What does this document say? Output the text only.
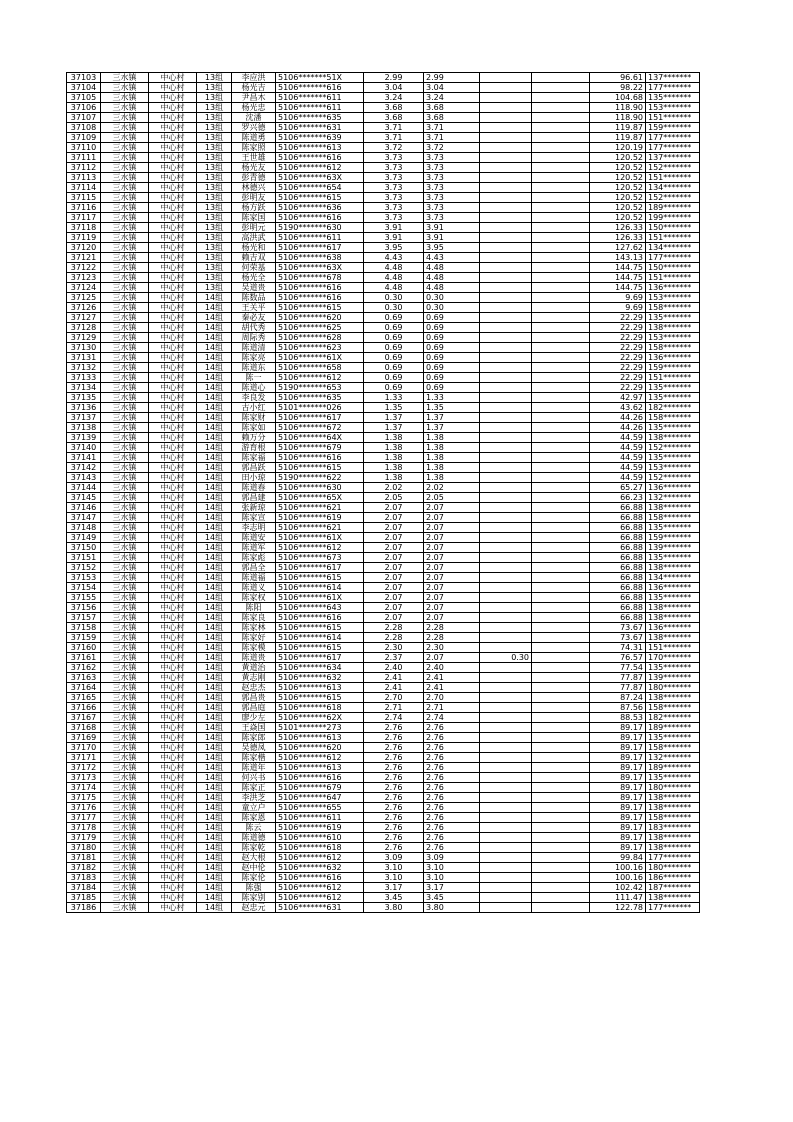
37103	三水镇	中心村	13组	李应洪	5106*******51X	2.99	2.99			96.61	137*******
37104	三水镇	中心村	13组	杨光吉	5106*******616	3.04	3.04			98.22	177*******
37105	三水镇	中心村	13组	尹昌木	5106*******611	3.24	3.24			104.68	135*******
37106	三水镇	中心村	13组	杨光忠	5106*******611	3.68	3.68			118.90	153*******
37107	三水镇	中心村	13组	沈潘	5106*******635	3.68	3.68			118.90	151*******
37108	三水镇	中心村	13组	罗兴德	5106*******631	3.71	3.71			119.87	159*******
37109	三水镇	中心村	13组	陈道勇	5106*******639	3.71	3.71			119.87	177*******
37110	三水镇	中心村	13组	陈家照	5106*******613	3.72	3.72			120.19	177*******
37111	三水镇	中心村	13组	王世雄	5106*******616	3.73	3.73			120.52	137*******
37112	三水镇	中心村	13组	杨光友	5106*******612	3.73	3.73			120.52	152*******
37113	三水镇	中心村	13组	彭青德	5106*******63X	3.73	3.73			120.52	151*******
37114	三水镇	中心村	13组	林德兴	5106*******654	3.73	3.73			120.52	134*******
37115	三水镇	中心村	13组	彭明友	5106*******615	3.73	3.73			120.52	152*******
37116	三水镇	中心村	13组	杨方跃	5106*******636	3.73	3.73			120.52	189*******
37117	三水镇	中心村	13组	陈家国	5106*******616	3.73	3.73			120.52	199*******
37118	三水镇	中心村	13组	彭明元	5190*******630	3.91	3.91			126.33	150*******
37119	三水镇	中心村	13组	高洪武	5106*******611	3.91	3.91			126.33	151*******
37120	三水镇	中心村	13组	杨光和	5106*******617	3.95	3.95			127.62	134*******
37121	三水镇	中心村	13组	赖吉双	5106*******638	4.43	4.43			143.13	177*******
37122	三水镇	中心村	13组	何荣基	5106*******63X	4.48	4.48			144.75	150*******
37123	三水镇	中心村	13组	杨光全	5106*******678	4.48	4.48			144.75	151*******
37124	三水镇	中心村	13组	吴道贵	5106*******616	4.48	4.48			144.75	136*******
37125	三水镇	中心村	14组	陈数品	5106*******616	0.30	0.30			9.69	153*******
37126	三水镇	中心村	14组	王关平	5106*******615	0.30	0.30			9.69	158*******
37127	三水镇	中心村	14组	秦必友	5106*******620	0.69	0.69			22.29	135*******
37128	三水镇	中心村	14组	胡代秀	5106*******625	0.69	0.69			22.29	138*******
37129	三水镇	中心村	14组	周际秀	5106*******628	0.69	0.69			22.29	153*******
37130	三水镇	中心村	14组	陈道清	5106*******623	0.69	0.69			22.29	158*******
37131	三水镇	中心村	14组	陈家亮	5106*******61X	0.69	0.69			22.29	136*******
37132	三水镇	中心村	14组	陈道东	5106*******658	0.69	0.69			22.29	159*******
37133	三水镇	中心村	14组	陈一	5106*******612	0.69	0.69			22.29	151*******
37134	三水镇	中心村	14组	陈道心	5190*******653	0.69	0.69			22.29	135*******
37135	三水镇	中心村	14组	李良发	5106*******635	1.33	1.33			42.97	135*******
37136	三水镇	中心村	14组	古小红	5101*******026	1.35	1.35			43.62	182*******
37137	三水镇	中心村	14组	陈家财	5106*******617	1.37	1.37			44.26	158*******
37138	三水镇	中心村	14组	陈家如	5106*******672	1.37	1.37			44.26	135*******
37139	三水镇	中心村	14组	赖万分	5106*******64X	1.38	1.38			44.59	138*******
37140	三水镇	中心村	14组	游育根	5106*******679	1.38	1.38			44.59	152*******
37141	三水镇	中心村	14组	陈家福	5106*******616	1.38	1.38			44.59	135*******
37142	三水镇	中心村	14组	郭昌跃	5106*******615	1.38	1.38			44.59	153*******
37143	三水镇	中心村	14组	田小琼	5190*******622	1.38	1.38			44.59	152*******
37144	三水镇	中心村	14组	陈道春	5106*******630	2.02	2.02			65.27	136*******
37145	三水镇	中心村	14组	郭昌建	5106*******65X	2.05	2.05			66.23	132*******
37146	三水镇	中心村	14组	张新琼	5106*******621	2.07	2.07			66.88	138*******
37147	三水镇	中心村	14组	陈家宣	5106*******619	2.07	2.07			66.88	158*******
37148	三水镇	中心村	14组	李志明	5106*******621	2.07	2.07			66.88	135*******
37149	三水镇	中心村	14组	陈道安	5106*******61X	2.07	2.07			66.88	159*******
37150	三水镇	中心村	14组	陈道军	5106*******612	2.07	2.07			66.88	139*******
37151	三水镇	中心村	14组	陈家彪	5106*******673	2.07	2.07			66.88	135*******
37152	三水镇	中心村	14组	郭昌全	5106*******617	2.07	2.07			66.88	138*******
37153	三水镇	中心村	14组	陈道福	5106*******615	2.07	2.07			66.88	134*******
37154	三水镇	中心村	14组	陈道义	5106*******614	2.07	2.07			66.88	136*******
37155	三水镇	中心村	14组	陈家权	5106*******61X	2.07	2.07			66.88	135*******
37156	三水镇	中心村	14组	陈阳	5106*******643	2.07	2.07			66.88	138*******
37157	三水镇	中心村	14组	陈家良	5106*******616	2.07	2.07			66.88	138*******
37158	三水镇	中心村	14组	陈家林	5106*******615	2.28	2.28			73.67	136*******
37159	三水镇	中心村	14组	陈家好	5106*******614	2.28	2.28			73.67	138*******
37160	三水镇	中心村	14组	陈家模	5106*******615	2.30	2.30			74.31	151*******
37161	三水镇	中心村	14组	陈道贵	5106*******617	2.37	2.07	0.30		76.57	170*******
37162	三水镇	中心村	14组	黄道治	5106*******634	2.40	2.40			77.54	135*******
37163	三水镇	中心村	14组	黄志刚	5106*******632	2.41	2.41			77.87	139*******
37164	三水镇	中心村	14组	赵忠杰	5106*******613	2.41	2.41			77.87	180*******
37165	三水镇	中心村	14组	郭昌贵	5106*******615	2.70	2.70			87.24	138*******
37166	三水镇	中心村	14组	郭昌庭	5106*******618	2.71	2.71			87.56	158*******
37167	三水镇	中心村	14组	廖少左	5106*******62X	2.74	2.74			88.53	182*******
37168	三水镇	中心村	14组	王焱国	5101*******273	2.76	2.76			89.17	189*******
37169	三水镇	中心村	14组	陈家郎	5106*******613	2.76	2.76			89.17	135*******
37170	三水镇	中心村	14组	吴德凤	5106*******620	2.76	2.76			89.17	158*******
37171	三水镇	中心村	14组	陈家楷	5106*******612	2.76	2.76			89.17	132*******
37172	三水镇	中心村	14组	陈道年	5106*******613	2.76	2.76			89.17	189*******
37173	三水镇	中心村	14组	何兴书	5106*******616	2.76	2.76			89.17	135*******
37174	三水镇	中心村	14组	陈家正	5106*******679	2.76	2.76			89.17	180*******
37175	三水镇	中心村	14组	李洪芝	5106*******647	2.76	2.76			89.17	138*******
37176	三水镇	中心村	14组	童立户	5106*******655	2.76	2.76			89.17	138*******
37177	三水镇	中心村	14组	陈家恩	5106*******611	2.76	2.76			89.17	158*******
37178	三水镇	中心村	14组	陈云	5106*******619	2.76	2.76			89.17	183*******
37179	三水镇	中心村	14组	陈道德	5106*******610	2.76	2.76			89.17	138*******
37180	三水镇	中心村	14组	陈家乾	5106*******618	2.76	2.76			89.17	138*******
37181	三水镇	中心村	14组	赵大根	5106*******612	3.09	3.09			99.84	177*******
37182	三水镇	中心村	14组	赵中伦	5106*******632	3.10	3.10			100.16	180*******
37183	三水镇	中心村	14组	陈家伦	5106*******616	3.10	3.10			100.16	186*******
37184	三水镇	中心村	14组	陈强	5106*******612	3.17	3.17			102.42	187*******
37185	三水镇	中心村	14组	陈家别	5106*******612	3.45	3.45			111.47	138*******
37186	三水镇	中心村	14组	赵忠元	5106*******631	3.80	3.80			122.78	177*******
